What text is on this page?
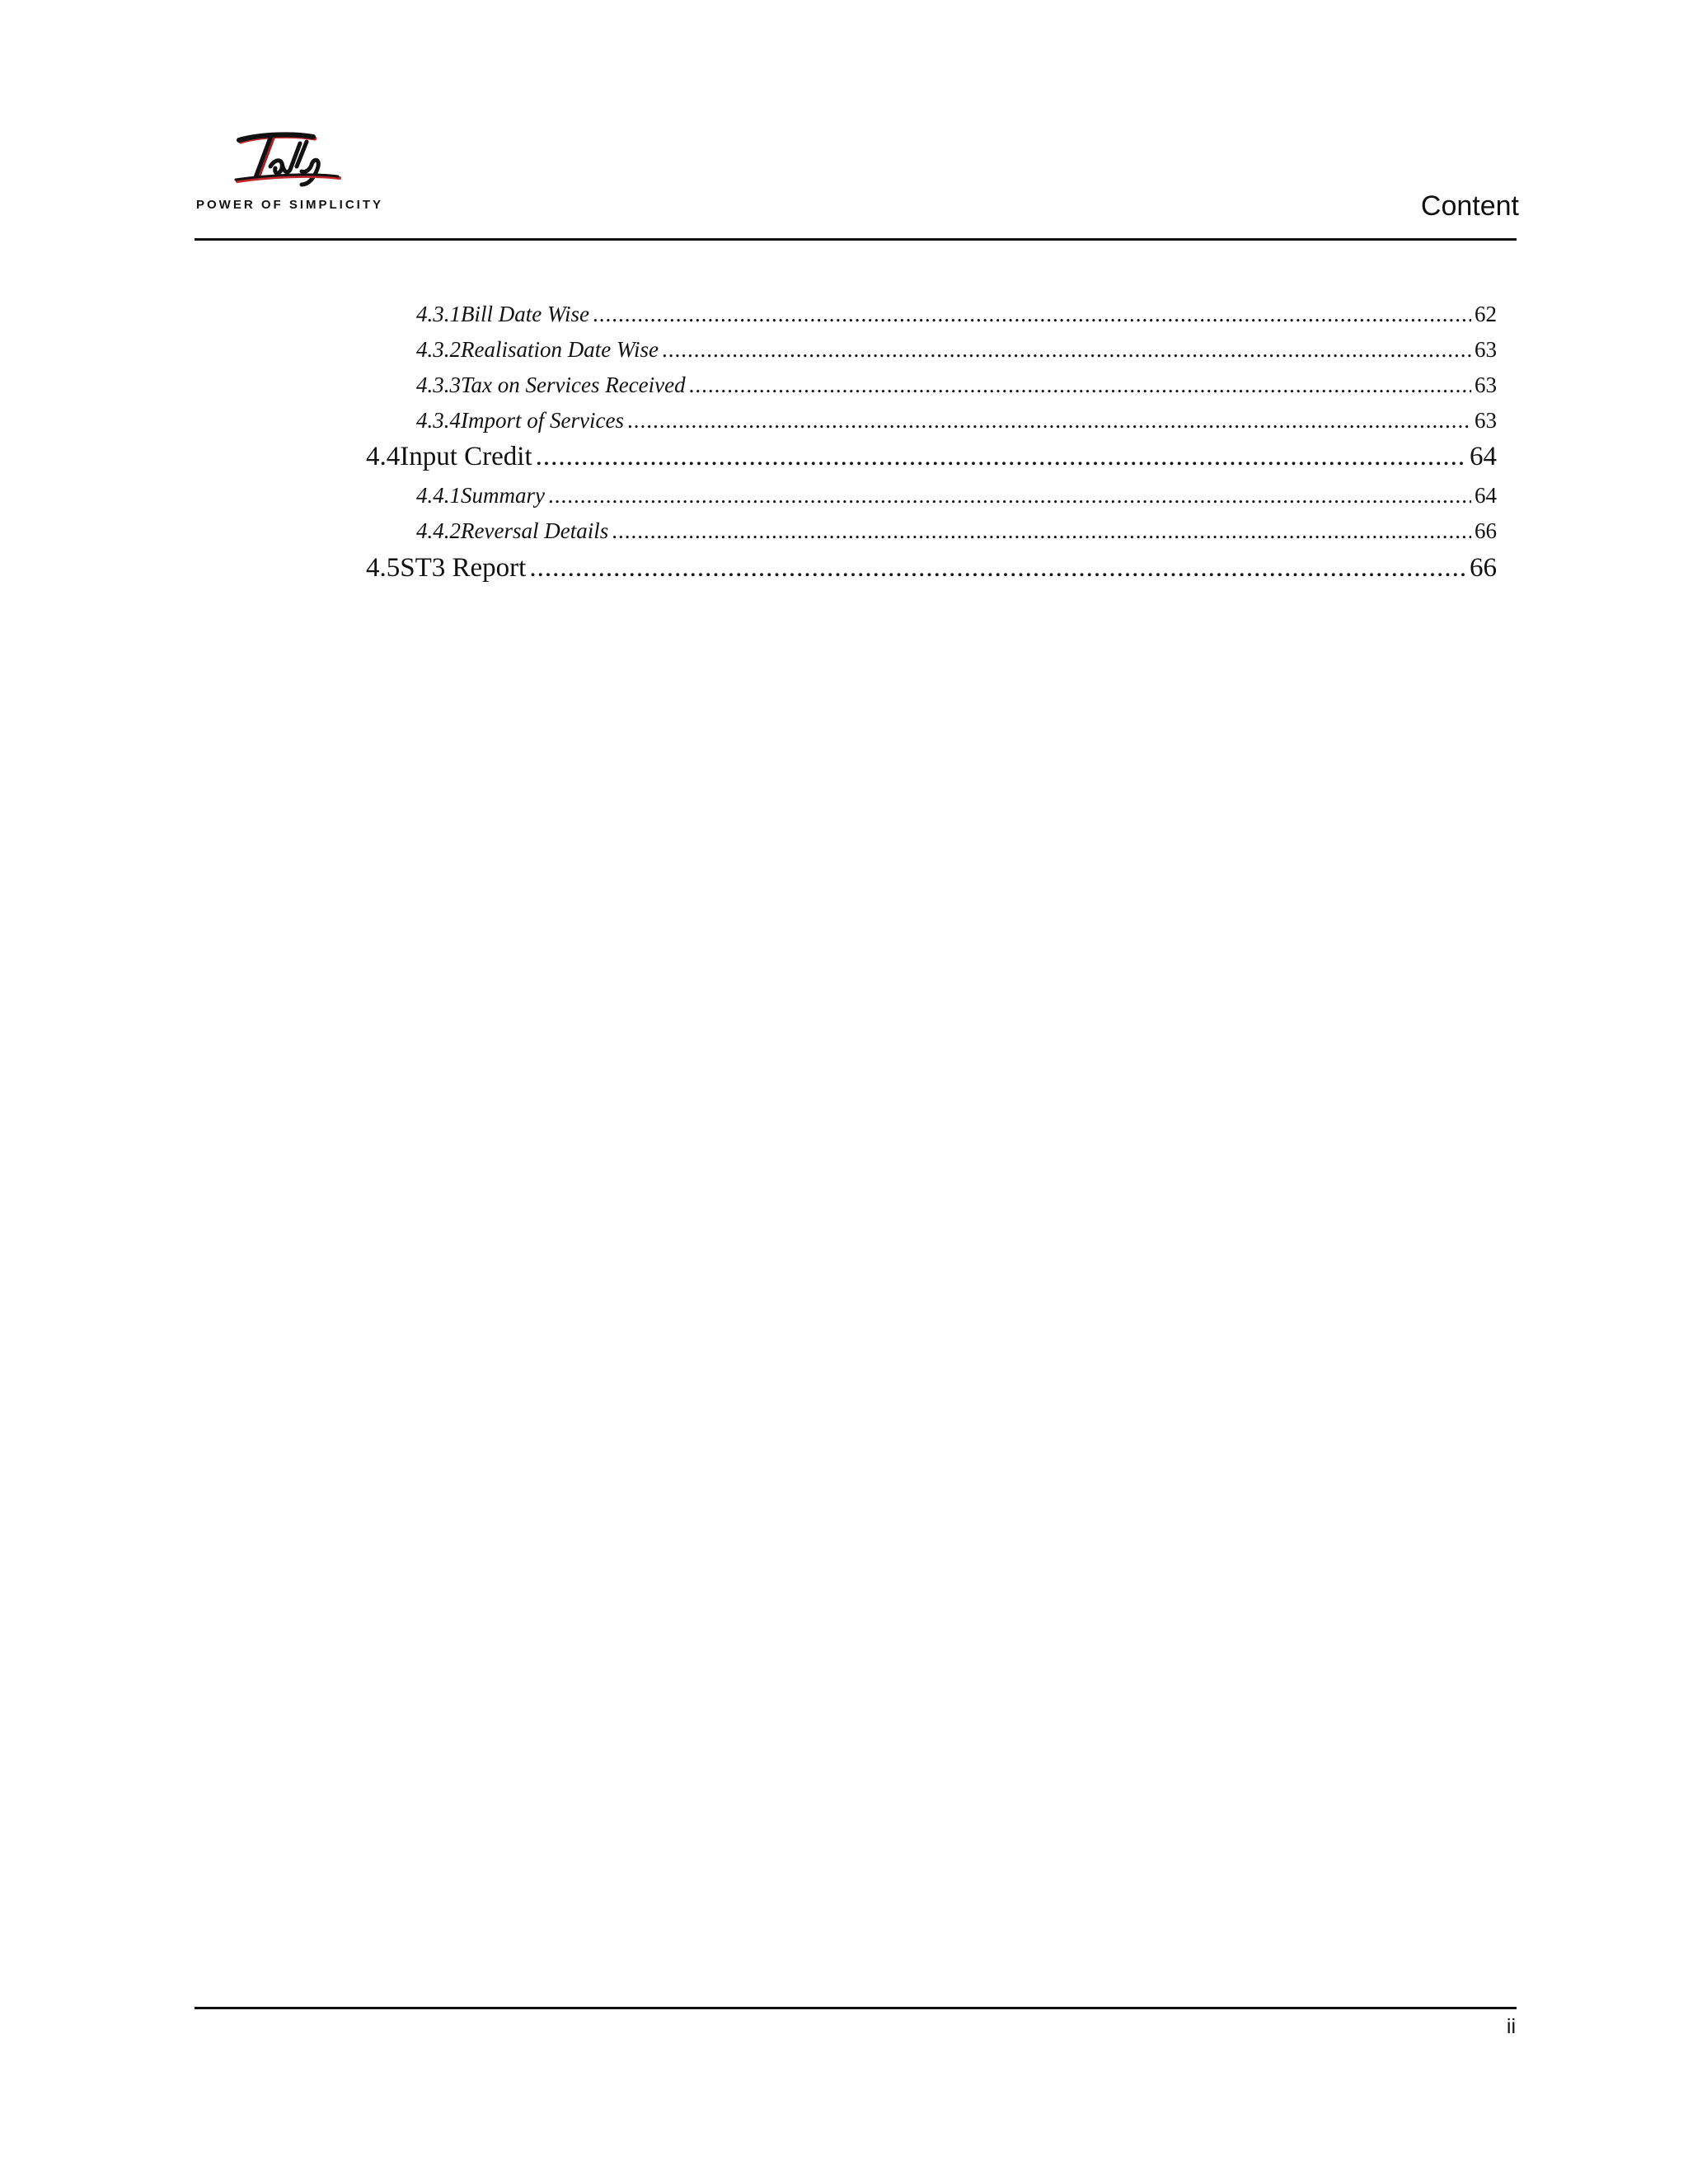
POWER OF SIMPLICITY	Content
4.3.1 Bill Date Wise .....	62
4.3.2 Realisation Date Wise .....	63
4.3.3 Tax on Services Received .....	63
4.3.4 Import of Services .....	63
4.4 Input Credit .....	64
4.4.1 Summary .....	64
4.4.2 Reversal Details .....	66
4.5 ST3 Report .....	66
ii
